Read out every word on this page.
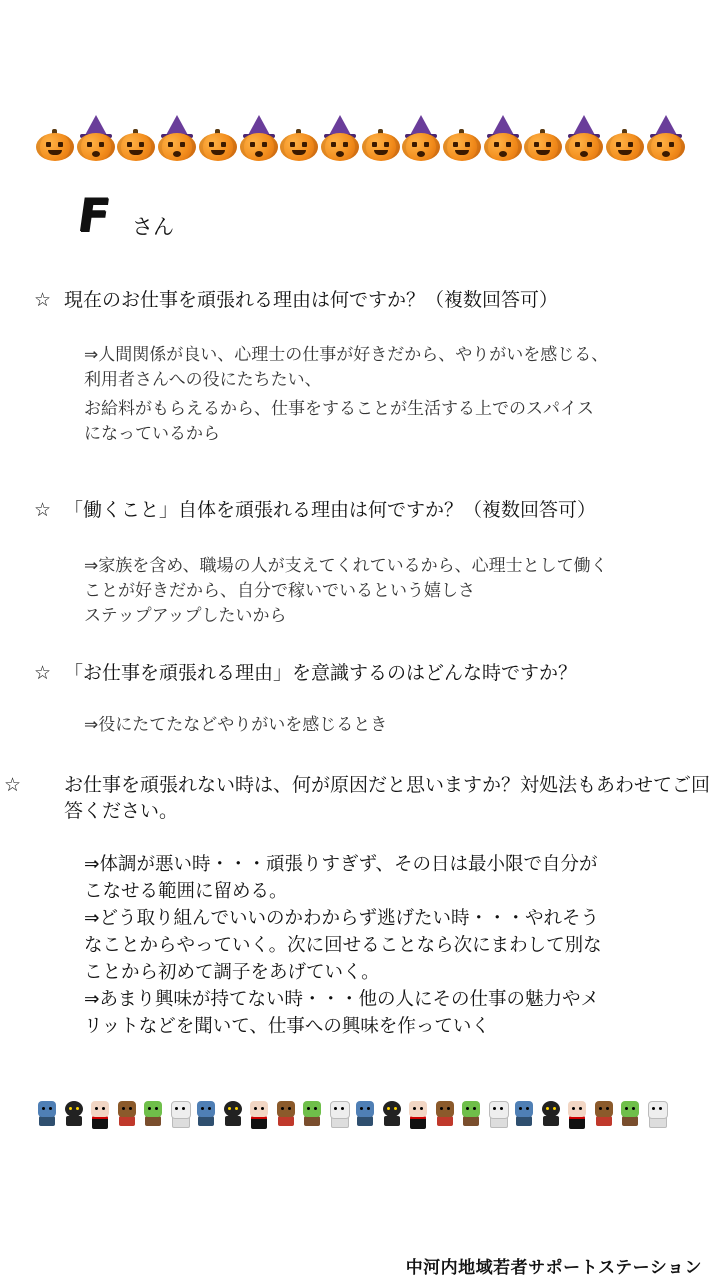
F さん
☆ 現在のお仕事を頑張れる理由は何ですか？（複数回答可）
⇒人間関係が良い、心理士の仕事が好きだから、やりがいを感じる、
利用者さんへの役にたちたい、
お給料がもらえるから、仕事をすることが生活する上でのスパイス
になっているから
☆ 「働くこと」自体を頑張れる理由は何ですか？（複数回答可）
⇒家族を含め、職場の人が支えてくれているから、心理士として働く
ことが好きだから、自分で稼いでいるという嬉しさ
ステップアップしたいから
☆ 「お仕事を頑張れる理由」を意識するのはどんな時ですか？
⇒役にたてたなどやりがいを感じるとき
☆ お仕事を頑張れない時は、何が原因だと思いますか？対処法もあわせてご回答ください。
⇒体調が悪い時・・・頑張りすぎず、その日は最小限で自分が
こなせる範囲に留める。
⇒どう取り組んでいいのかわからず逃げたい時・・・やれそう
なことからやっていく。次に回せることなら次にまわして別な
ことから初めて調子をあげていく。
⇒あまり興味が持てない時・・・他の人にその仕事の魅力やメ
リットなどを聞いて、仕事への興味を作っていく
中河内地域若者サポートステーション
